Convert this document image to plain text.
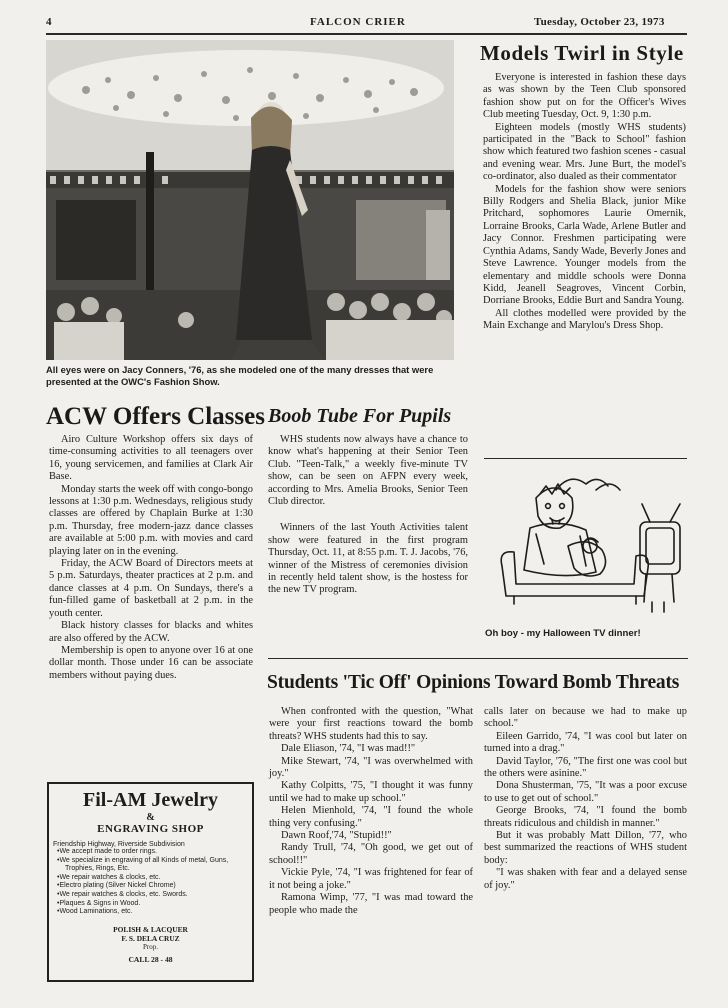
4	FALCON CRIER	Tuesday, October 23, 1973
All eyes were on Jacy Conners, '76, as she modeled one of the many dresses that were presented at the OWC's Fashion Show.
Models Twirl in Style

Everyone is interested in fashion these days as was shown by the Teen Club sponsored fashion show put on for the Officer's Wives Club meeting Tuesday, Oct. 9, 1:30 p.m.

Eighteen models (mostly WHS students) participated in the "Back to School" fashion show which featured two fashion scenes - casual and evening wear. Mrs. June Burt, the model's co-ordinator, also dualed as their commentator

Models for the fashion show were seniors Billy Rodgers and Shelia Black, junior Mike Pritchard, sophomores Laurie Omernik, Lorraine Brooks, Carla Wade, Arlene Butler and Jacy Connor. Freshmen participating were Cynthia Adams, Sandy Wade, Beverly Jones and Steve Lawrence. Younger models from the elementary and middle schools were Donna Kidd, Jeanell Seagroves, Vincent Corbin, Dorriane Brooks, Eddie Burt and Sandra Young.

All clothes modelled were provided by the Main Exchange and Marylou's Dress Shop.

ACW Offers Classes

Airo Culture Workshop offers six days of time-consuming activities to all teenagers over 16, young servicemen, and families at Clark Air Base.

Monday starts the week off with congo-bongo lessons at 1:30 p.m. Wednesdays, religious study classes are offered by Chaplain Burke at 1:30 p.m. Thursday, free modern-jazz dance classes are available at 5:00 p.m. with movies and card playing later on in the evening.

Friday, the ACW Board of Directors meets at 5 p.m. Saturdays, theater practices at 2 p.m. and dance classes at 4 p.m. On Sundays, there's a fun-filled game of basketball at 2 p.m. in the youth center.

Black history classes for blacks and whites are also offered by the ACW.

Membership is open to anyone over 16 at one dollar month. Those under 16 can be associate members without paying dues.

Boob Tube For Pupils

WHS students now always have a chance to know what's happening at their Senior Teen Club. "Teen-Talk," a weekly five-minute TV show, can be seen on AFPN every week, according to Mrs. Amelia Brooks, Senior Teen Club director.

Winners of the last Youth Activities talent show were featured in the first program Thursday, Oct. 11, at 8:55 p.m. T. J. Jacobs, '76, winner of the Mistress of ceremonies division in recently held talent show, is the hostess for the new TV program.

Oh boy - my Halloween TV dinner!
Students 'Tic Off' Opinions Toward Bomb Threats

When confronted with the question, "What were your first reactions toward the bomb threats? WHS students had this to say.

Dale Eliason, '74, "I was mad!!"

Mike Stewart, '74, "I was overwhelmed with joy."

Kathy Colpitts, '75, "I thought it was funny until we had to make up school."

Helen Mienhold, '74, "I found the whole thing very confusing."

Dawn Roof,'74, "Stupid!!"

Randy Trull, '74, "Oh good, we get out of school!!"

Vickie Pyle, '74, "I was frightened for fear of it not being a joke."

Ramona Wimp, '77, "I was mad toward the people who made the

calls later on because we had to make up school."

Eileen Garrido, '74, "I was cool but later on turned into a drag."

David Taylor, '76, "The first one was cool but the others were asinine."

Dona Shusterman, '75, "It was a poor excuse to use to get out of school."

George Brooks, '74, "I found the bomb threats ridiculous and childish in manner."

But it was probably Matt Dillon, '77, who best summarized the reactions of WHS student body:

"I was shaken with fear and a delayed sense of joy."

Fil-AM Jewelry
&
ENGRAVING SHOP
Friendship Highway, Riverside Subdivision
• We accept made to order rings.
• We specialize in engraving of all Kinds of metal, Guns, Trophies, Rings, Etc.
• We repair watches & clocks, etc.
• Electro plating (Silver Nickel Chrome)
• We repair watches & clocks, etc. Swords.
• Plaques & Signs in Wood.
• Wood Laminations, etc.
POLISH & LACQUER
F. S. DELA CRUZ
Prop.
CALL 28 - 48
